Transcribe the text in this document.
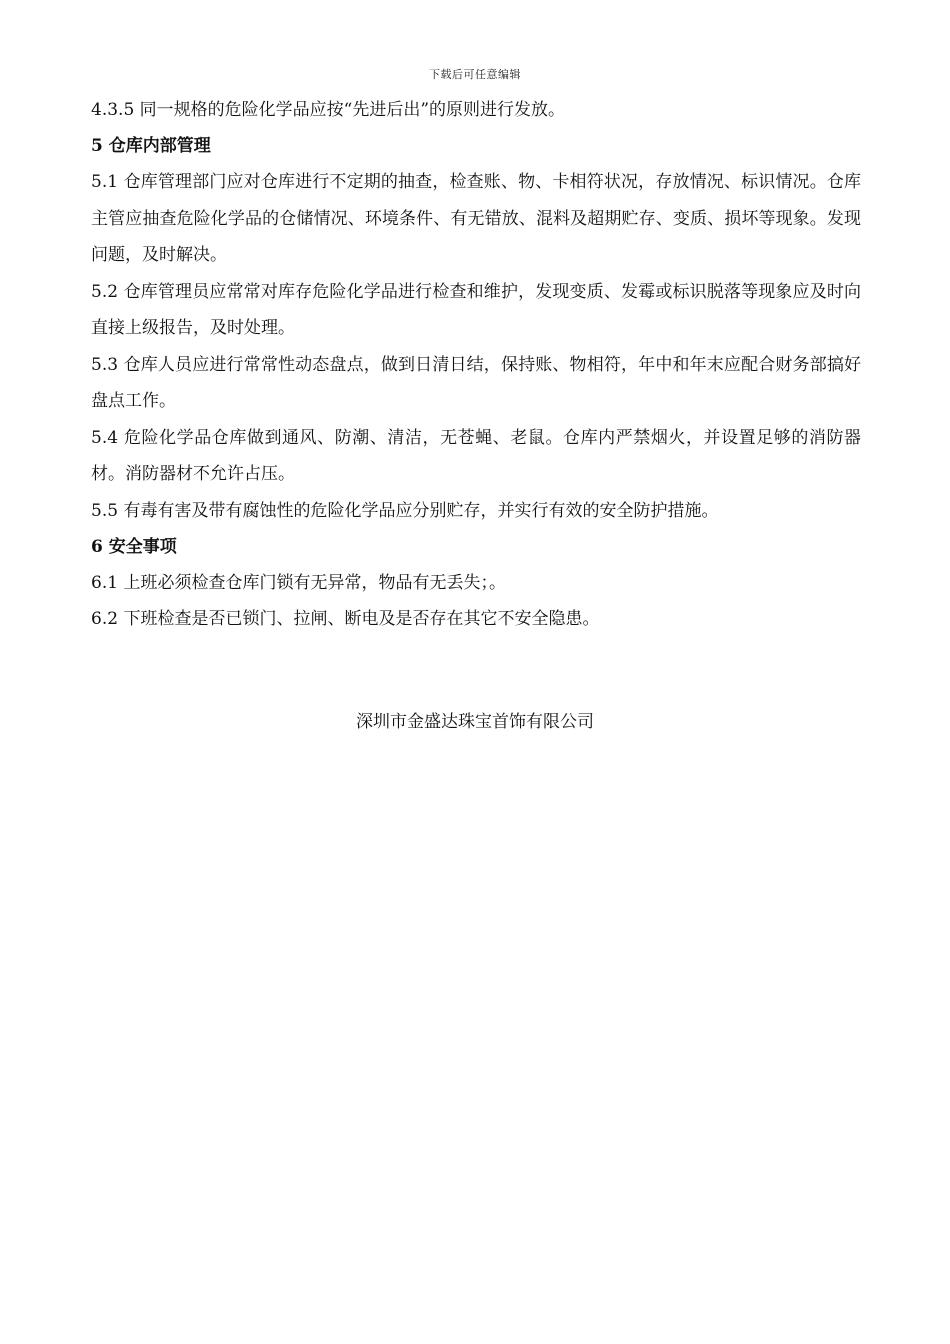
下载后可任意编辑
4.3.5 同一规格的危险化学品应按“先进后出”的原则进行发放。
5 仓库内部管理
5.1 仓库管理部门应对仓库进行不定期的抽查，检查账、物、卡相符状况，存放情况、标识情况。仓库主管应抽查危险化学品的仓储情况、环境条件、有无错放、混料及超期贮存、变质、损坏等现象。发现问题，及时解决。
5.2 仓库管理员应常常对库存危险化学品进行检查和维护，发现变质、发霉或标识脱落等现象应及时向直接上级报告，及时处理。
5.3 仓库人员应进行常常性动态盘点，做到日清日结，保持账、物相符，年中和年末应配合财务部搞好盘点工作。
5.4 危险化学品仓库做到通风、防潮、清洁，无苍蝇、老鼠。仓库内严禁烟火，并设置足够的消防器材。消防器材不允许占压。
5.5 有毒有害及带有腐蚀性的危险化学品应分别贮存，并实行有效的安全防护措施。
6 安全事项
6.1 上班必须检查仓库门锁有无异常，物品有无丢失；。
6.2 下班检查是否已锁门、拉闸、断电及是否存在其它不安全隐患。
深圳市金盛达珠宝首饰有限公司
